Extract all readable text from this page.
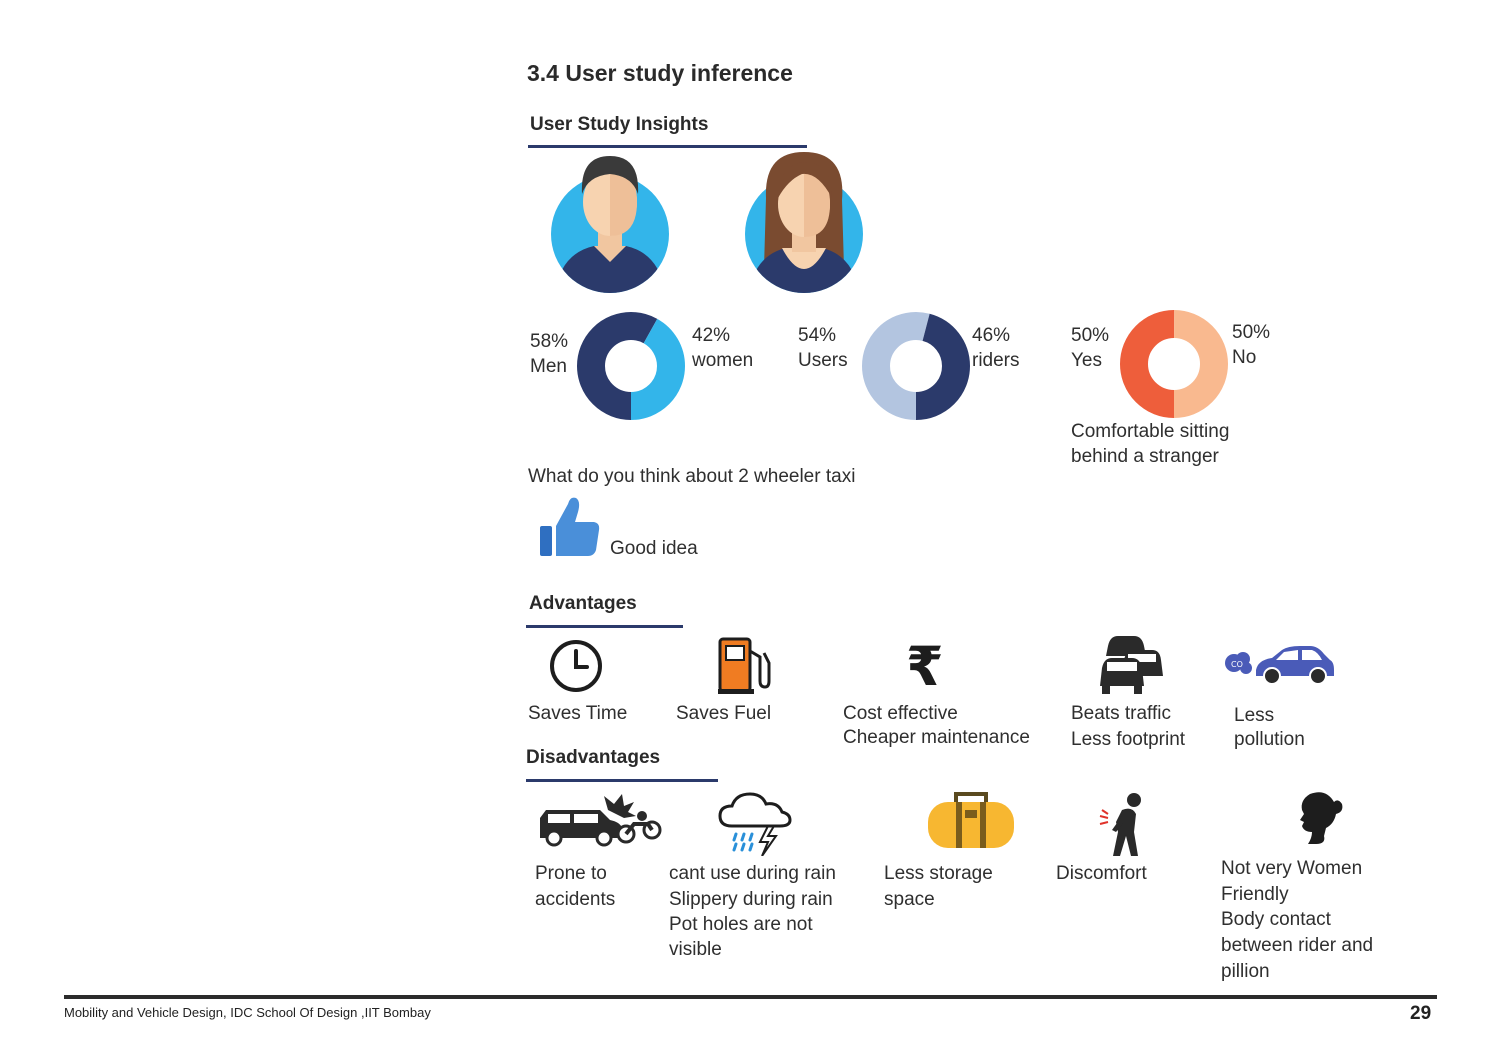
3.4 User study inference
User Study Insights
58%
Men
42%
women
54%
Users
46%
riders
50%
Yes
50%
No
Comfortable sitting
behind a stranger
What do you think about 2 wheeler taxi
Good idea
Advantages
Saves Time	Saves Fuel
₹
Cost effective
Cheaper maintenance
Beats traffic
Less footprint
CO
Less
pollution
Disadvantages
Prone to
accidents
cant use during rain
Slippery during rain
Pot holes are not
visible
Less storage
space
Discomfort	Not very Women
Friendly
Body contact
between rider and
pillion
Mobility and Vehicle Design, IDC School Of Design ,IIT Bombay	29
